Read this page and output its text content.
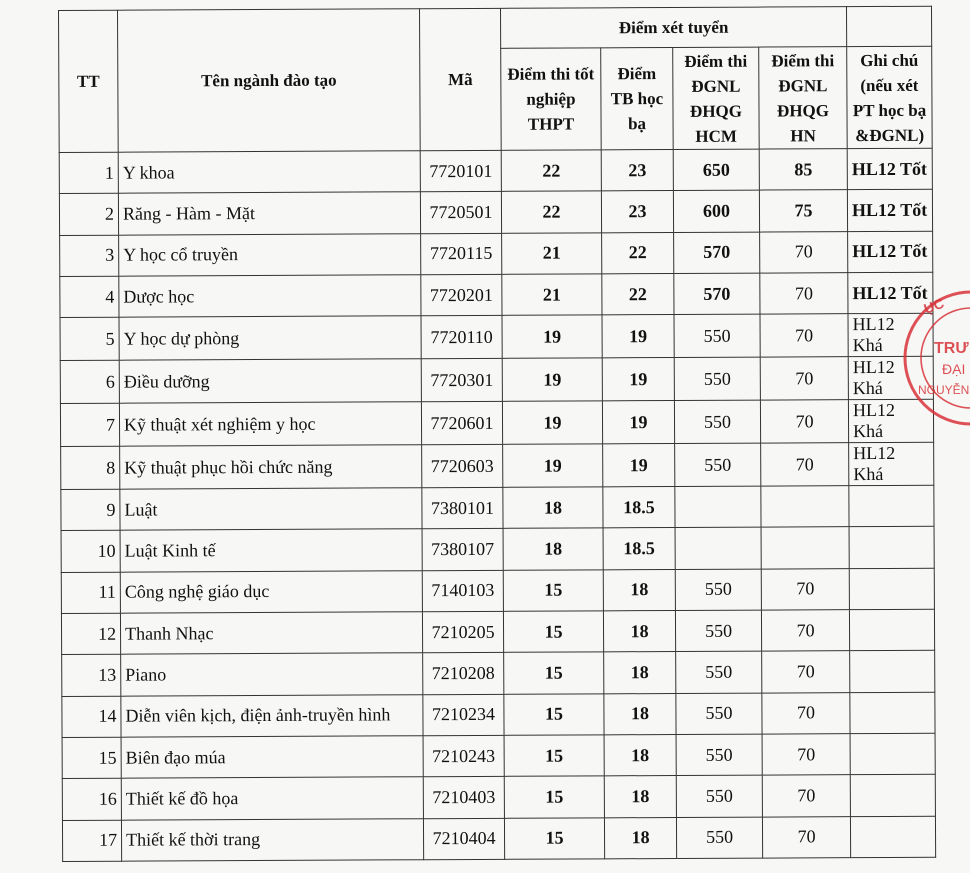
TT	Tên ngành đào tạo	Mã	Điểm xét tuyển				
			Điểm thi tốt nghiệp THPT	Điểm TB học bạ	Điểm thi ĐGNL ĐHQG HCM	Điểm thi ĐGNL ĐHQG HN	Ghi chú (nếu xét PT học bạ &ĐGNL)
1	Y khoa	7720101	22	23	650	85	HL12 Tốt
2	Răng - Hàm - Mặt	7720501	22	23	600	75	HL12 Tốt
3	Y học cổ truyền	7720115	21	22	570	70	HL12 Tốt
4	Dược học	7720201	21	22	570	70	HL12 Tốt
5	Y học dự phòng	7720110	19	19	550	70	HL12 Khá
6	Điều dưỡng	7720301	19	19	550	70	HL12 Khá
7	Kỹ thuật xét nghiệm y học	7720601	19	19	550	70	HL12 Khá
8	Kỹ thuật phục hồi chức năng	7720603	19	19	550	70	HL12 Khá
9	Luật	7380101	18	18.5			
10	Luật Kinh tế	7380107	18	18.5			
11	Công nghệ giáo dục	7140103	15	18	550	70	
12	Thanh Nhạc	7210205	15	18	550	70	
13	Piano	7210208	15	18	550	70	
14	Diễn viên kịch, điện ảnh-truyền hình	7210234	15	18	550	70	
15	Biên đạo múa	7210243	15	18	550	70	
16	Thiết kế đồ họa	7210403	15	18	550	70	
17	Thiết kế thời trang	7210404	15	18	550	70	
ỤC
TRƯ
ĐẠI
NGUYỄN
